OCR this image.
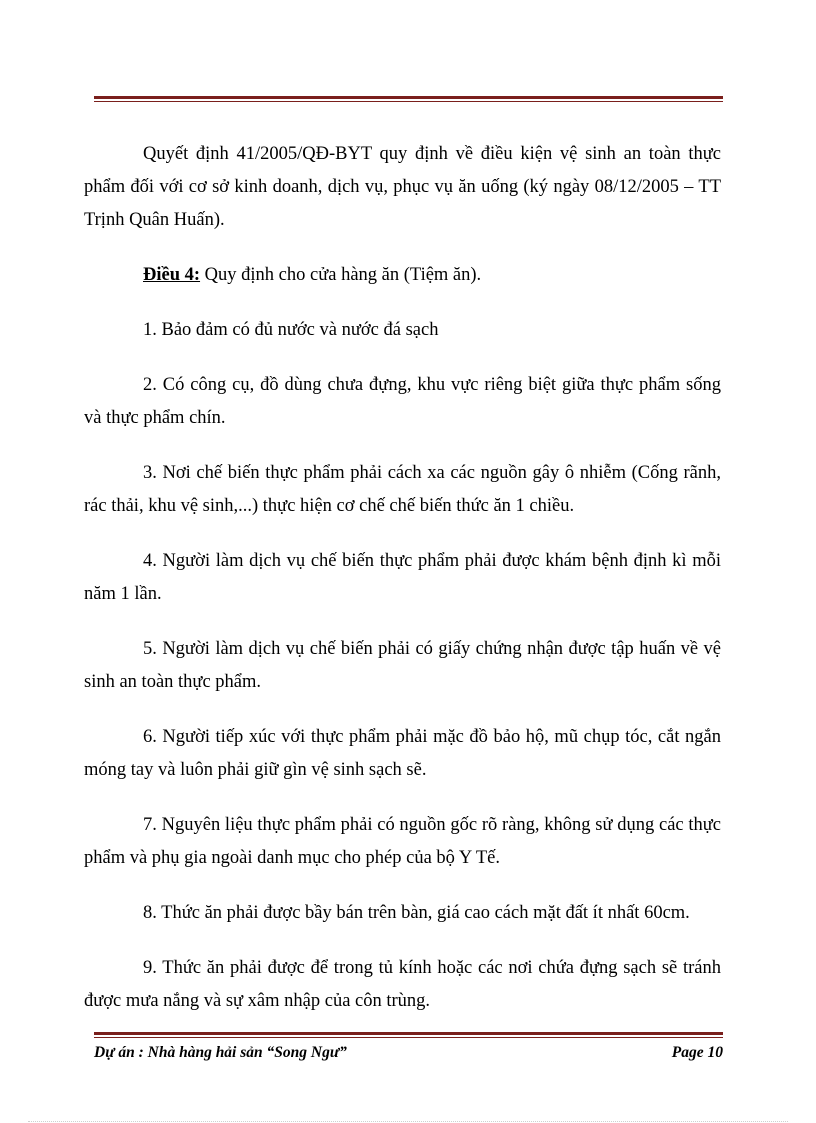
Quyết định 41/2005/QĐ-BYT quy định về điều kiện vệ sinh an toàn thực phẩm đối với cơ sở kinh doanh, dịch vụ, phục vụ ăn uống (ký ngày 08/12/2005 – TT Trịnh Quân Huấn).

Điều 4: Quy định cho cửa hàng ăn (Tiệm ăn).

1. Bảo đảm có đủ nước và nước đá sạch

2. Có công cụ, đồ dùng chưa đựng, khu vực riêng biệt giữa thực phẩm sống và thực phẩm chín.

3. Nơi chế biến thực phẩm phải cách xa các nguồn gây ô nhiễm (Cống rãnh, rác thải, khu vệ sinh,...) thực hiện cơ chế chế biến thức ăn 1 chiều.

4. Người làm dịch vụ chế biến thực phẩm phải được khám bệnh định kì mỗi năm 1 lần.

5. Người làm dịch vụ chế biến phải có giấy chứng nhận được tập huấn về vệ sinh an toàn thực phẩm.

6. Người tiếp xúc với thực phẩm phải mặc đồ bảo hộ, mũ chụp tóc, cắt ngắn móng tay và luôn phải giữ gìn vệ sinh sạch sẽ.

7. Nguyên liệu thực phẩm phải có nguồn gốc rõ ràng, không sử dụng các thực phẩm và phụ gia ngoài danh mục cho phép của bộ Y Tế.

8. Thức ăn phải được bầy bán trên bàn, giá cao cách mặt đất ít nhất 60cm.

9. Thức ăn phải được để trong tủ kính hoặc các nơi chứa đựng sạch sẽ tránh được mưa nắng và sự xâm nhập của côn trùng.

Dự án : Nhà hàng hải sản “Song Ngư”	Page 10
